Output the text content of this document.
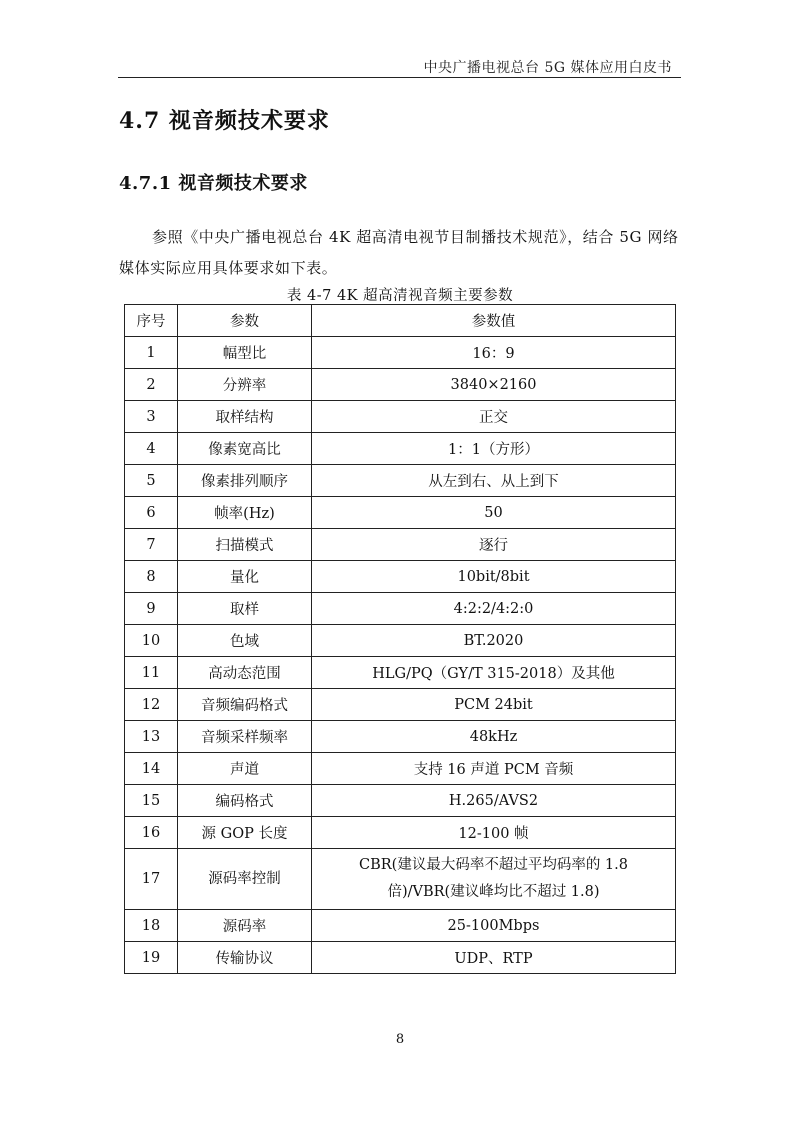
中央广播电视总台 5G 媒体应用白皮书
4.7 视音频技术要求
4.7.1 视音频技术要求

参照《中央广播电视总台 4K 超高清电视节目制播技术规范》，结合 5G 网络媒体实际应用具体要求如下表。

表 4-7 4K 超高清视音频主要参数
序号	参数	参数值
1	幅型比	16：9
2	分辨率	3840×2160
3	取样结构	正交
4	像素宽高比	1：1（方形）
5	像素排列顺序	从左到右、从上到下
6	帧率(Hz)	50
7	扫描模式	逐行
8	量化	10bit/8bit
9	取样	4:2:2/4:2:0
10	色域	BT.2020
11	高动态范围	HLG/PQ（GY/T 315-2018）及其他
12	音频编码格式	PCM 24bit
13	音频采样频率	48kHz
14	声道	支持 16 声道 PCM 音频
15	编码格式	H.265/AVS2
16	源 GOP 长度	12-100 帧
17	源码率控制	CBR(建议最大码率不超过平均码率的 1.8
倍)/VBR(建议峰均比不超过 1.8)

18	源码率	25-100Mbps
19	传输协议	UDP、RTP
8
